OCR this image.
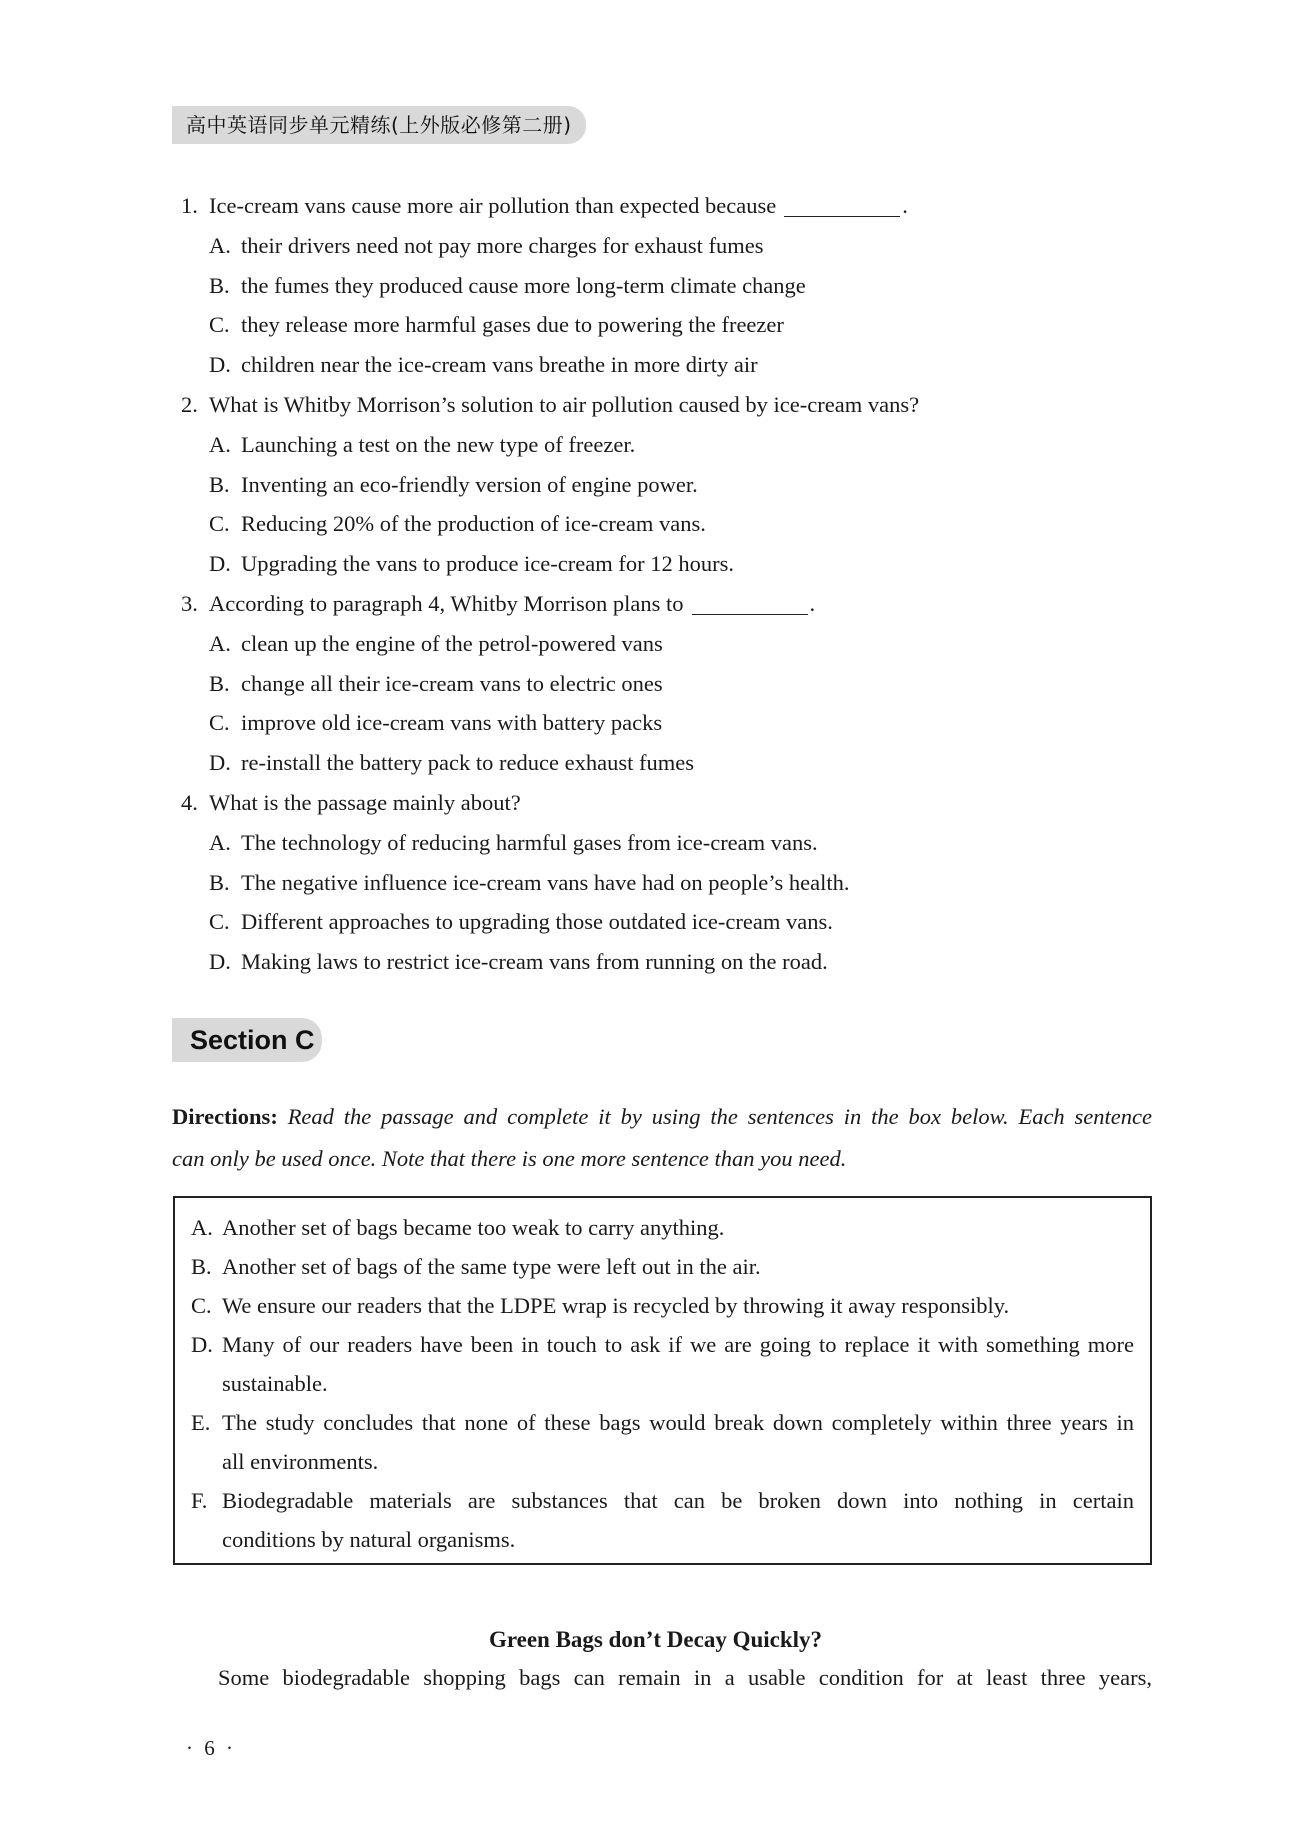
高中英语同步单元精练(上外版必修第二册)
1. Ice-cream vans cause more air pollution than expected because	.
A. their drivers need not pay more charges for exhaust fumes
B. the fumes they produced cause more long-term climate change
C. they release more harmful gases due to powering the freezer
D. children near the ice-cream vans breathe in more dirty air
2. What is Whitby Morrison’s solution to air pollution caused by ice-cream vans?
A. Launching a test on the new type of freezer.
B. Inventing an eco-friendly version of engine power.
C. Reducing 20% of the production of ice-cream vans.
D. Upgrading the vans to produce ice-cream for 12 hours.
3. According to paragraph 4, Whitby Morrison plans to	.
A. clean up the engine of the petrol-powered vans
B. change all their ice-cream vans to electric ones
C. improve old ice-cream vans with battery packs
D. re-install the battery pack to reduce exhaust fumes
4. What is the passage mainly about?
A. The technology of reducing harmful gases from ice-cream vans.
B. The negative influence ice-cream vans have had on people’s health.
C. Different approaches to upgrading those outdated ice-cream vans.
D. Making laws to restrict ice-cream vans from running on the road.
Section C
Directions: Read the passage and complete it by using the sentences in the box below. Each sentence
can only be used once. Note that there is one more sentence than you need.
A. Another set of bags became too weak to carry anything.
B. Another set of bags of the same type were left out in the air.
C. We ensure our readers that the LDPE wrap is recycled by throwing it away responsibly.
D. Many of our readers have been in touch to ask if we are going to replace it with something more
sustainable.
E. The study concludes that none of these bags would break down completely within three years in
all environments.
F. Biodegradable materials are substances that can be broken down into nothing in certain
conditions by natural organisms.
Green Bags don’t Decay Quickly?
Some biodegradable shopping bags can remain in a usable condition for at least three years,
· 6 ·
